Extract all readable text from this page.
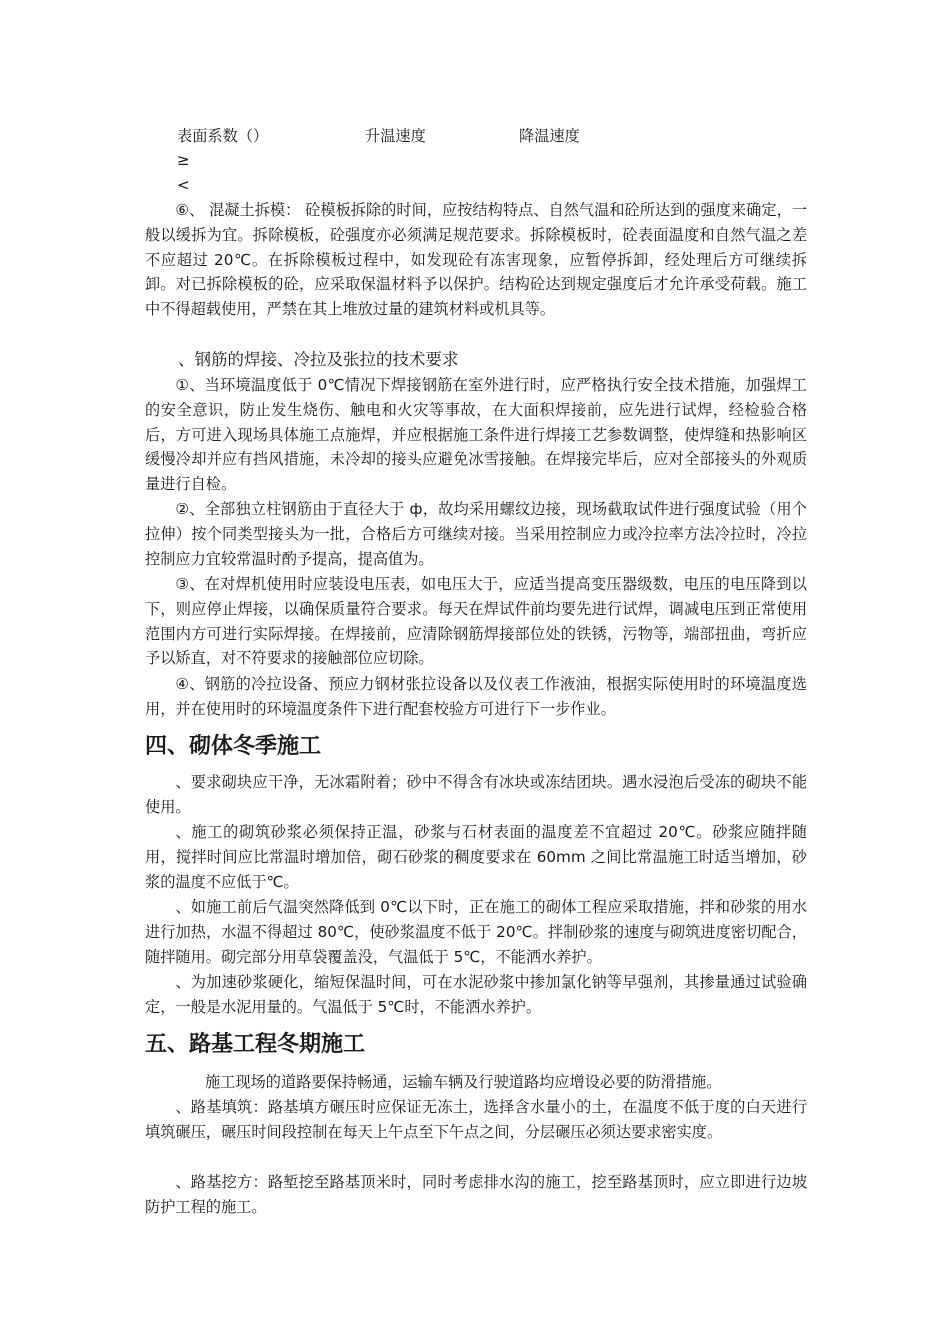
表面系数（）	升温速度	降温速度

≥

<

⑥、 混凝土拆模： 砼模板拆除的时间，应按结构特点、自然气温和砼所达到的强度来确定，一般以缓拆为宜。拆除模板，砼强度亦必须满足规范要求。拆除模板时，砼表面温度和自然气温之差不应超过 20℃。在拆除模板过程中，如发现砼有冻害现象，应暂停拆卸，经处理后方可继续拆卸。对已拆除模板的砼，应采取保温材料予以保护。结构砼达到规定强度后才允许承受荷载。施工中不得超载使用，严禁在其上堆放过量的建筑材料或机具等。

、钢筋的焊接、冷拉及张拉的技术要求

①、当环境温度低于 0℃情况下焊接钢筋在室外进行时，应严格执行安全技术措施，加强焊工的安全意识，防止发生烧伤、触电和火灾等事故，在大面积焊接前，应先进行试焊，经检验合格后，方可进入现场具体施工点施焊，并应根据施工条件进行焊接工艺参数调整，使焊缝和热影响区缓慢冷却并应有挡风措施，未冷却的接头应避免冰雪接触。在焊接完毕后，应对全部接头的外观质量进行自检。

②、全部独立柱钢筋由于直径大于 ф，故均采用螺纹边接，现场截取试件进行强度试验（用个拉伸）按个同类型接头为一批，合格后方可继续对接。当采用控制应力或冷拉率方法冷拉时，冷拉控制应力宜较常温时酌予提高，提高值为。

③、在对焊机使用时应装设电压表，如电压大于，应适当提高变压器级数，电压的电压降到以下，则应停止焊接，以确保质量符合要求。每天在焊试件前均要先进行试焊，调减电压到正常使用范围内方可进行实际焊接。在焊接前，应清除钢筋焊接部位处的铁锈，污物等，端部扭曲，弯折应予以矫直，对不符要求的接触部位应切除。

④、钢筋的冷拉设备、预应力钢材张拉设备以及仪表工作液油，根据实际使用时的环境温度选用，并在使用时的环境温度条件下进行配套校验方可进行下一步作业。

四、砌体冬季施工

、要求砌块应干净，无冰霜附着；砂中不得含有冰块或冻结团块。遇水浸泡后受冻的砌块不能使用。

、施工的砌筑砂浆必须保持正温，砂浆与石材表面的温度差不宜超过 20℃。砂浆应随拌随用，搅拌时间应比常温时增加倍，砌石砂浆的稠度要求在 60mm 之间比常温施工时适当增加，砂浆的温度不应低于℃。

、如施工前后气温突然降低到 0℃以下时，正在施工的砌体工程应采取措施，拌和砂浆的用水进行加热，水温不得超过 80℃，使砂浆温度不低于 20℃。拌制砂浆的速度与砌筑进度密切配合，随拌随用。砌完部分用草袋覆盖没，气温低于 5℃，不能洒水养护。

、为加速砂浆硬化，缩短保温时间，可在水泥砂浆中掺加氯化钠等早强剂，其掺量通过试验确定，一般是水泥用量的。气温低于 5℃时，不能洒水养护。

五、路基工程冬期施工

施工现场的道路要保持畅通，运输车辆及行驶道路均应增设必要的防滑措施。

、路基填筑：路基填方碾压时应保证无冻土，选择含水量小的土，在温度不低于度的白天进行填筑碾压，碾压时间段控制在每天上午点至下午点之间，分层碾压必须达要求密实度。

、路基挖方：路堑挖至路基顶米时，同时考虑排水沟的施工，挖至路基顶时，应立即进行边坡防护工程的施工。
